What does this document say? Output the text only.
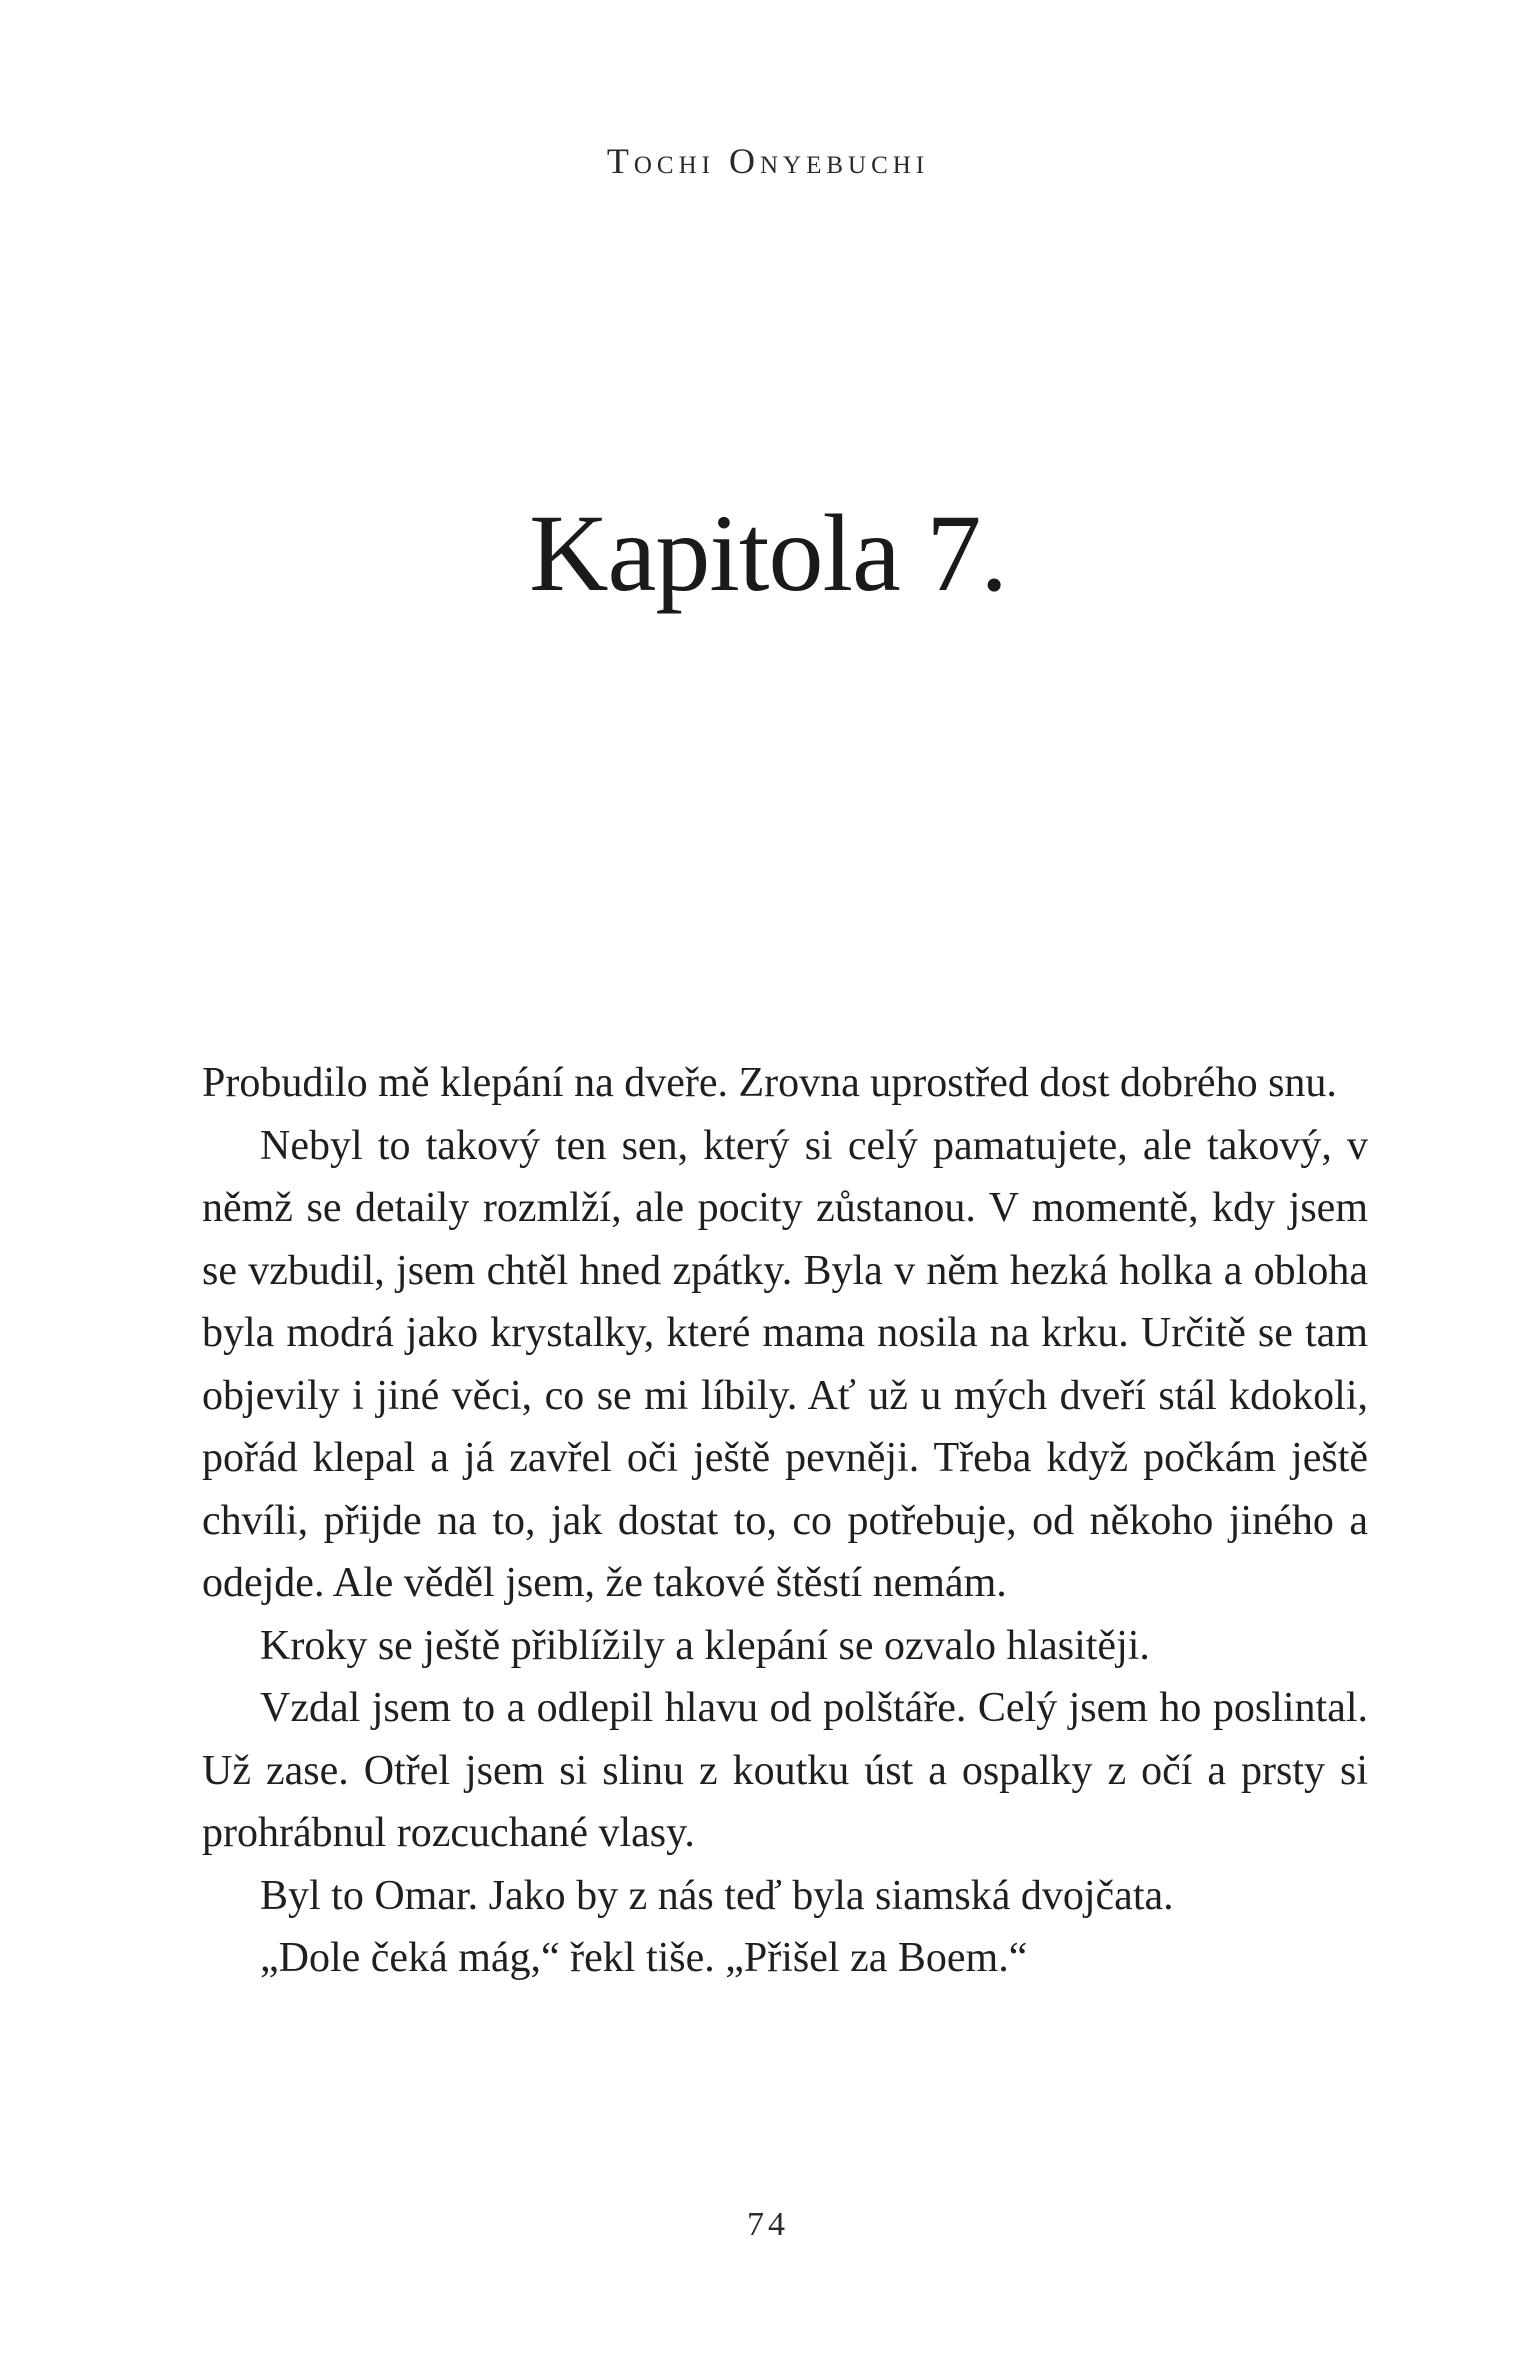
Tochi Onyebuchi
Kapitola 7.

Probudilo mě klepání na dveře. Zrovna uprostřed dost dobrého snu.

Nebyl to takový ten sen, který si celý pamatujete, ale takový, v němž se detaily rozmlží, ale pocity zůstanou. V momentě, kdy jsem se vzbudil, jsem chtěl hned zpátky. Byla v něm hezká holka a obloha byla modrá jako krystalky, které mama nosila na krku. Určitě se tam objevily i jiné věci, co se mi líbily. Ať už u mých dveří stál kdokoli, pořád klepal a já zavřel oči ještě pevněji. Třeba když počkám ještě chvíli, přijde na to, jak dostat to, co potřebuje, od někoho jiného a odejde. Ale věděl jsem, že takové štěstí nemám.

Kroky se ještě přiblížily a klepání se ozvalo hlasitěji.

Vzdal jsem to a odlepil hlavu od polštáře. Celý jsem ho poslintal. Už zase. Otřel jsem si slinu z koutku úst a ospalky z očí a prsty si prohrábnul rozcuchané vlasy.

Byl to Omar. Jako by z nás teď byla siamská dvojčata.

„Dole čeká mág,“ řekl tiše. „Přišel za Boem.“

74
